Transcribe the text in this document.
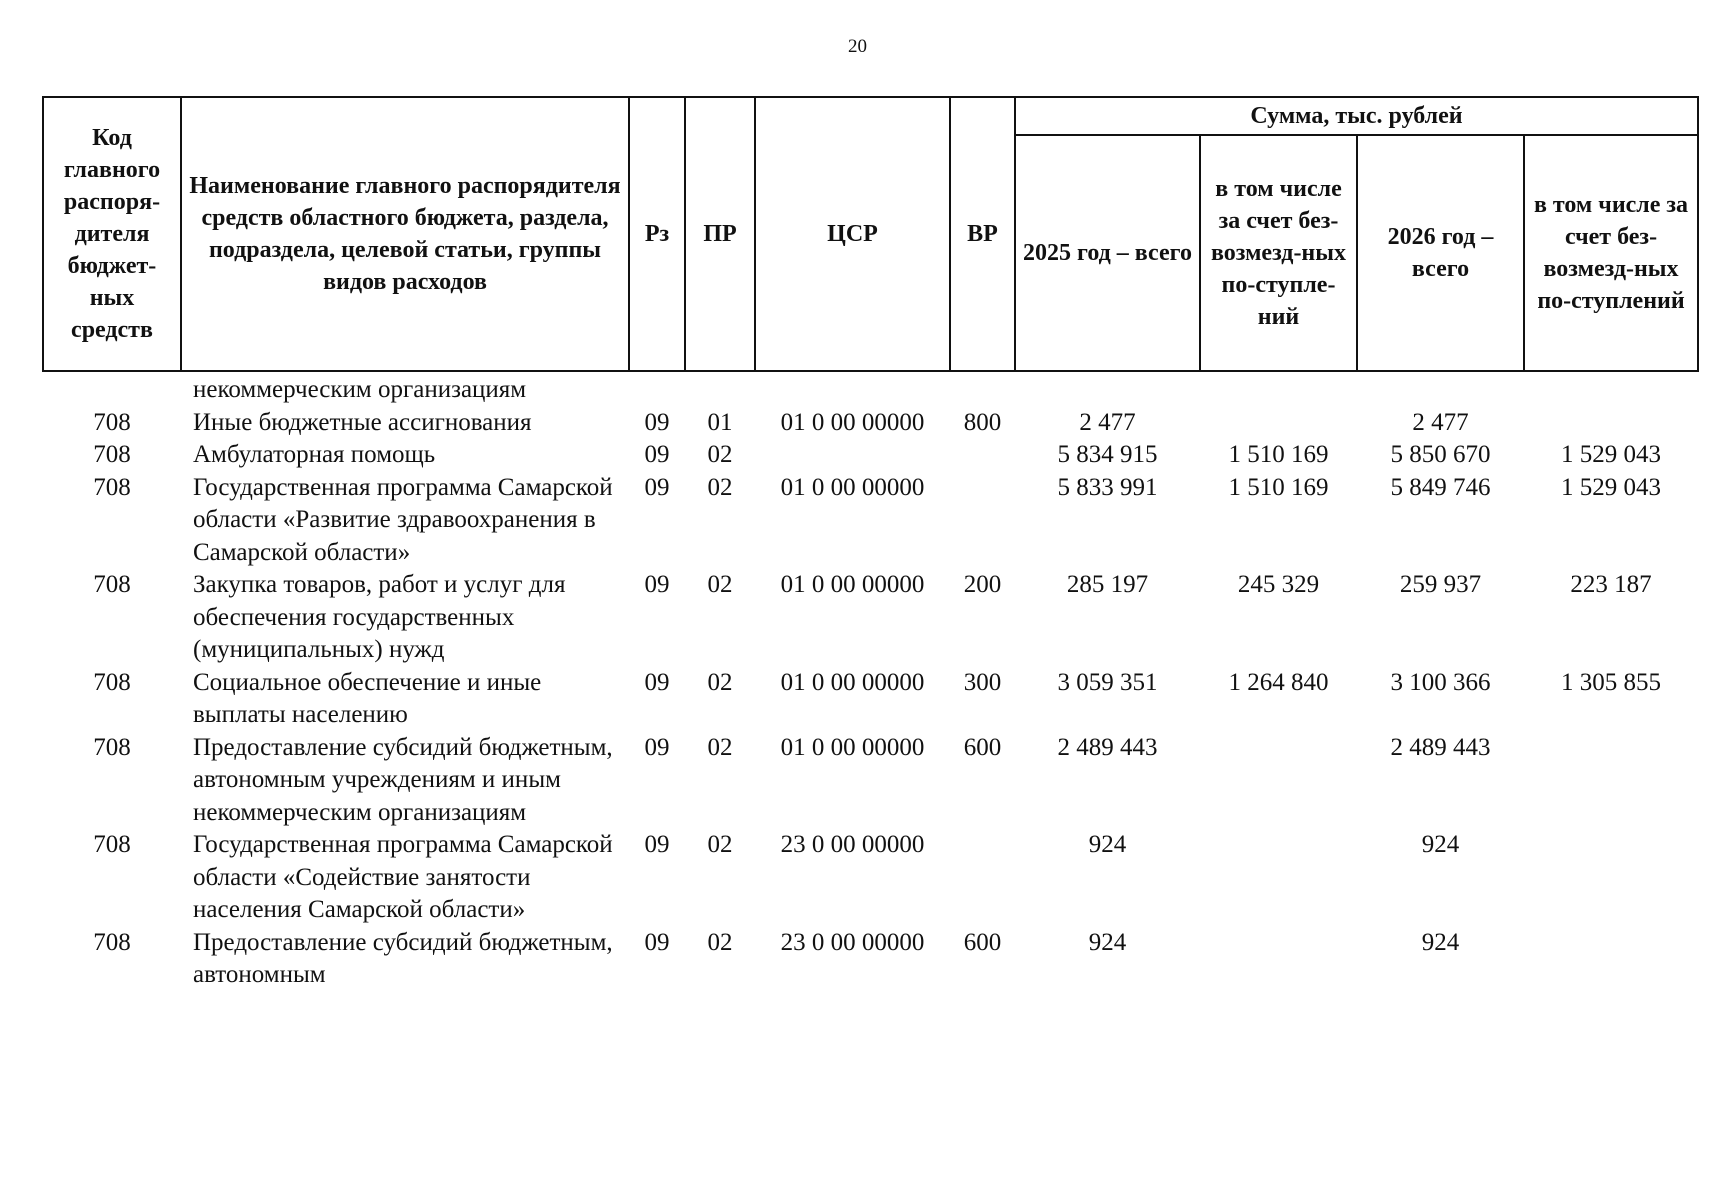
20
Код главного распоря-дителя бюджет-ных средств	Наименование главного распорядителя средств областного бюджета, раздела, подраздела, целевой статьи, группы видов расходов	Рз	ПР	ЦСР	ВР	Сумма, тыс. рублей			
						2025 год – всего	в том числе за счет без-возмезд-ных по-ступле-ний	2026 год – всего	в том числе за счет без-возмезд-ных по-ступлений
	некоммерческим организациям								
708	Иные бюджетные ассигнования	09	01	01 0 00 00000	800	2 477		2 477	
708	Амбулаторная помощь	09	02			5 834 915	1 510 169	5 850 670	1 529 043
708	Государственная программа Самарской области «Развитие здравоохранения в Самарской области»	09	02	01 0 00 00000		5 833 991	1 510 169	5 849 746	1 529 043
708	Закупка товаров, работ и услуг для обеспечения государственных (муниципальных) нужд	09	02	01 0 00 00000	200	285 197	245 329	259 937	223 187
708	Социальное обеспечение и иные выплаты населению	09	02	01 0 00 00000	300	3 059 351	1 264 840	3 100 366	1 305 855
708	Предоставление субсидий бюджетным, автономным учреждениям и иным некоммерческим организациям	09	02	01 0 00 00000	600	2 489 443		2 489 443	
708	Государственная программа Самарской области «Содействие занятости населения Самарской области»	09	02	23 0 00 00000		924		924	
708	Предоставление субсидий бюджетным, автономным	09	02	23 0 00 00000	600	924		924	
